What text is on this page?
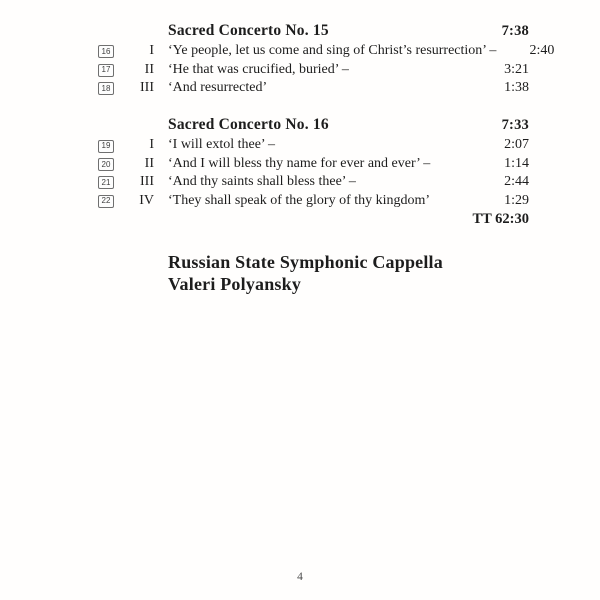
Sacred Concerto No. 15	7:38
16	I	‘Ye people, let us come and sing of Christ’s resurrection’ –	2:40
17	II	‘He that was crucified, buried’ –	3:21
18	III	‘And resurrected’	1:38
Sacred Concerto No. 16	7:33
19	I	‘I will extol thee’ –	2:07
20	II	‘And I will bless thy name for ever and ever’ –	1:14
21	III	‘And thy saints shall bless thee’ –	2:44
22	IV	‘They shall speak of the glory of thy kingdom’	1:29
TT 62:30
Russian State Symphonic Cappella
Valeri Polyansky
4
